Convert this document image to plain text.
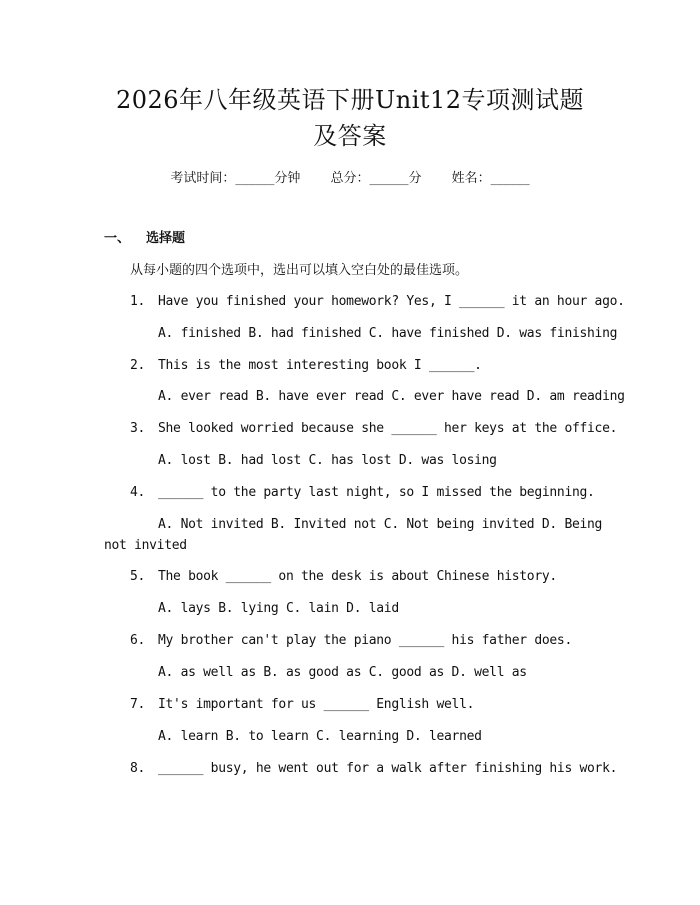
2026年八年级英语下册Unit12专项测试题
及答案
考试时间：______分钟 总分：______分 姓名：______
一、 选择题
从每小题的四个选项中，选出可以填入空白处的最佳选项。
1. Have you finished your homework? Yes, I ______ it an hour ago.
A. finished B. had finished C. have finished D. was finishing
2. This is the most interesting book I ______.
A. ever read B. have ever read C. ever have read D. am reading
3. She looked worried because she ______ her keys at the office.
A. lost B. had lost C. has lost D. was losing
4. ______ to the party last night, so I missed the beginning.
A. Not invited B. Invited not C. Not being invited D. Being not invited
5. The book ______ on the desk is about Chinese history.
A. lays B. lying C. lain D. laid
6. My brother can't play the piano ______ his father does.
A. as well as B. as good as C. good as D. well as
7. It's important for us ______ English well.
A. learn B. to learn C. learning D. learned
8. ______ busy, he went out for a walk after finishing his work.
